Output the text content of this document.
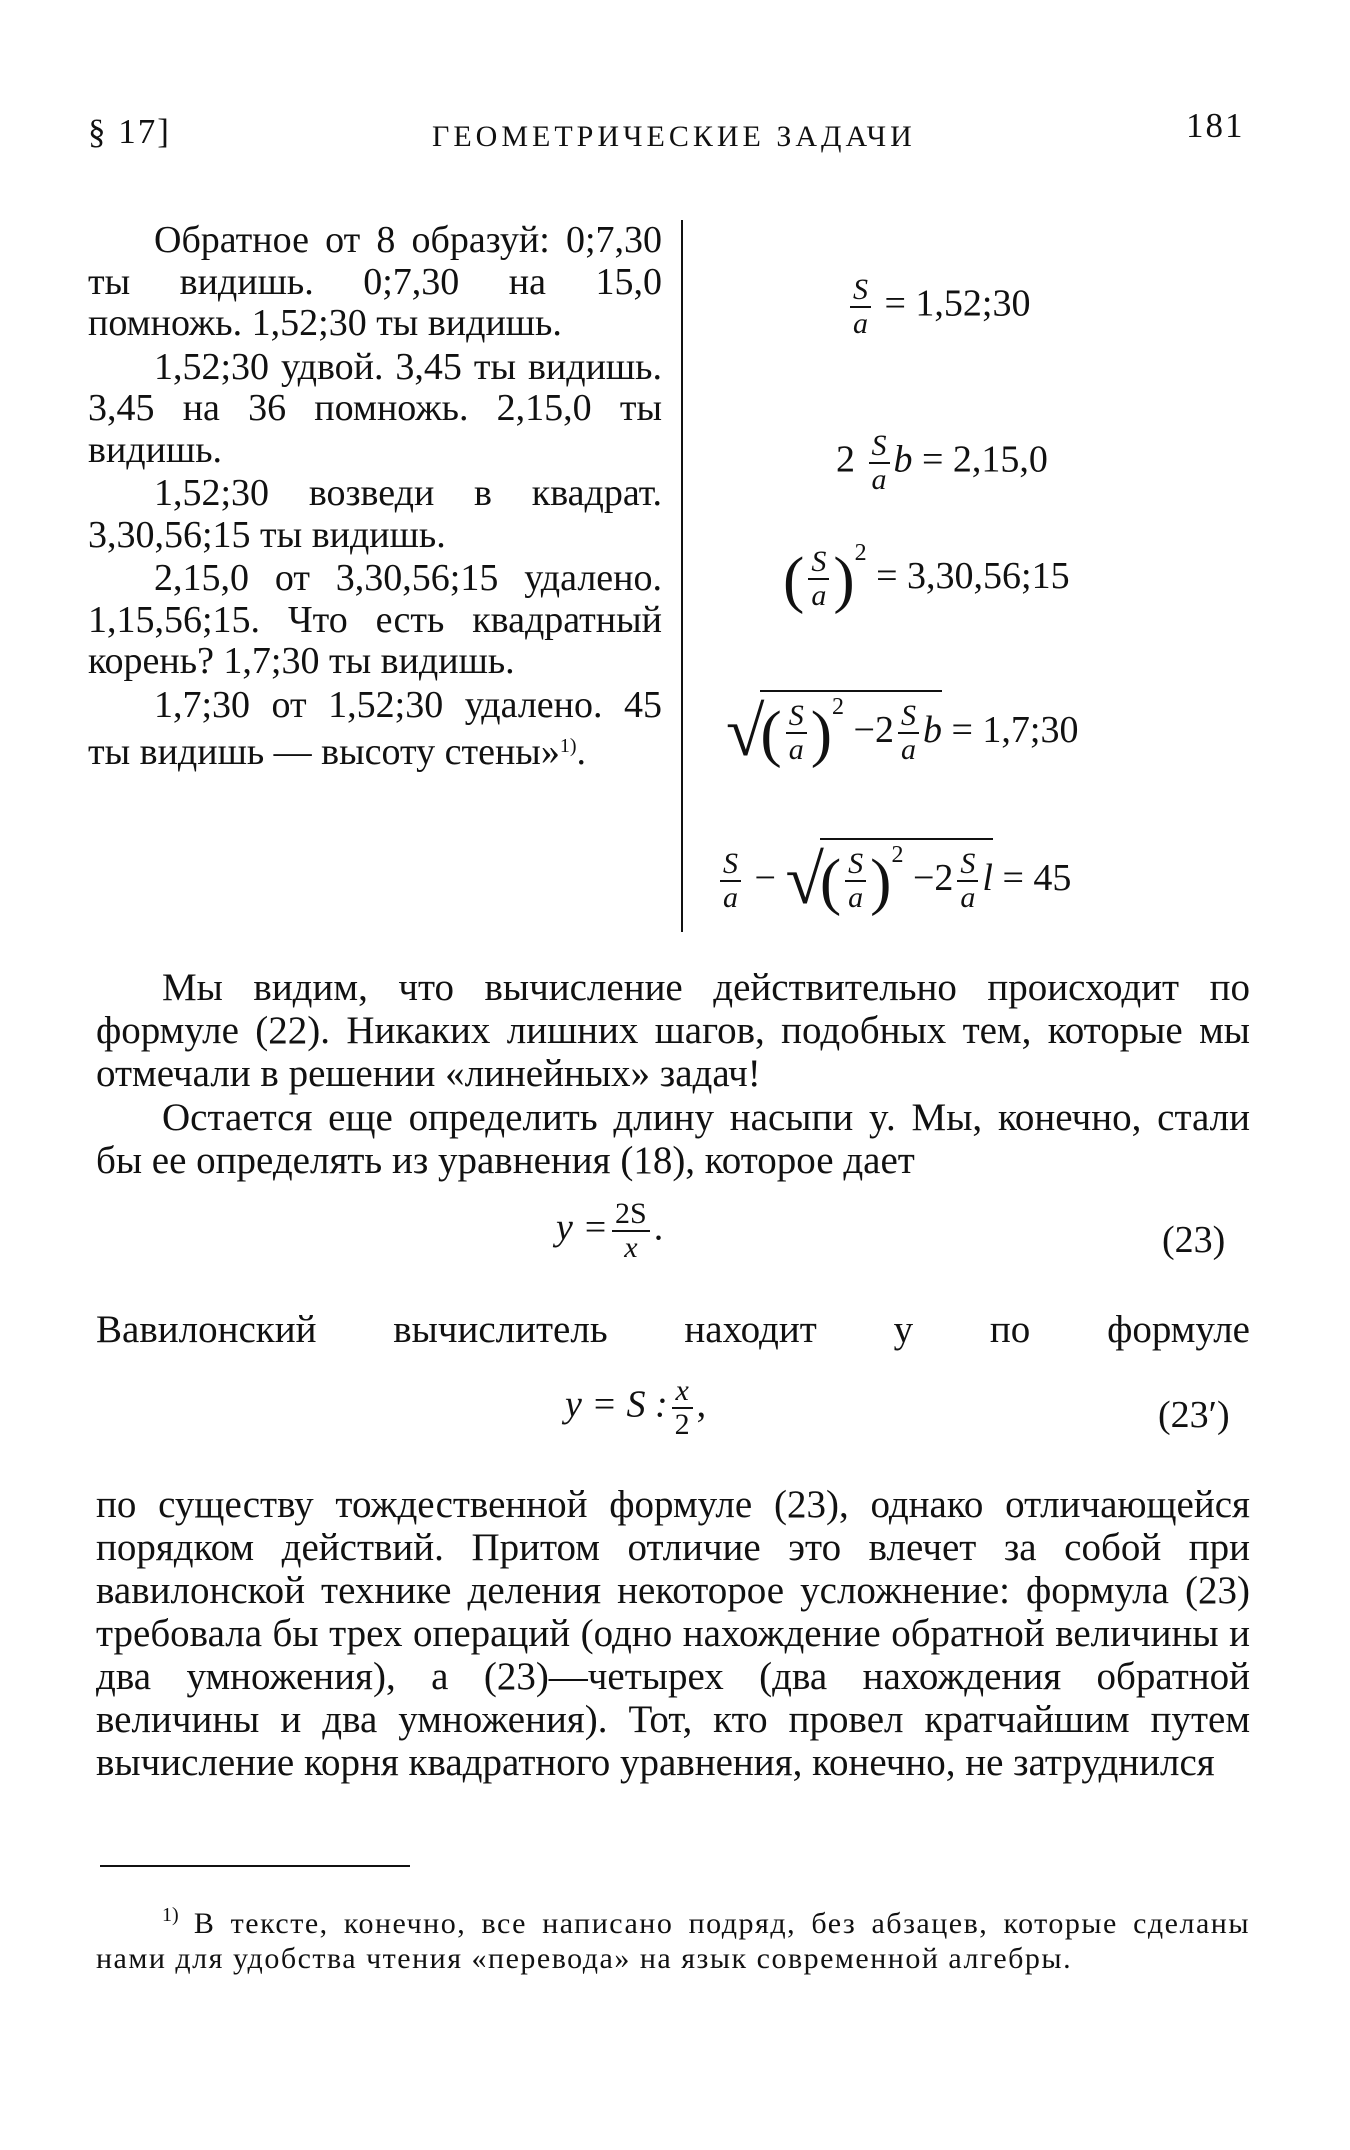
§ 17]	ГЕОМЕТРИЧЕСКИЕ ЗАДАЧИ	181

Обратное от 8 образуй: 0;7,30 ты видишь. 0;7,30 на 15,0 помножь. 1,52;30 ты видишь.

1,52;30 удвой. 3,45 ты видишь. 3,45 на 36 помножь. 2,15,0 ты видишь.

1,52;30 возведи в квадрат. 3,30,56;15 ты видишь.

2,15,0 от 3,30,56;15 удалено. 1,15,56;15. Что есть квадратный корень? 1,7;30 ты видишь.

1,7;30 от 1,52;30 удалено. 45 ты видишь — высоту стены»$^{1)}$.

$\frac{S}{a}$ = 1,52;30
$2 \frac{S}{a}$ b = 2,15,0
( $\frac{S}{a} )^2$ = 3,30,56;15
√( $\frac{S}{a} )^2 -2 \frac{S}{a}$ b = 1,7;30
$\frac{S}{a}$ − √( $\frac{S}{a} )^2 -2 \frac{S}{a}$ l = 45
Мы видим, что вычисление действительно происходит по формуле (22). Никаких лишних шагов, подобных тем, которые мы отмечали в решении «линейных» задач!
Остается еще определить длину насыпи y. Мы, конечно, стали бы ее определять из уравнения (18), которое дает
$y = \frac{2S}{x}$ .	(23)
Вавилонский вычислитель находит y по формуле
y = S : $\frac{x}{2}$ ,	(23′)
по существу тождественной формуле (23), однако отличающейся порядком действий. Притом отличие это влечет за собой при вавилонской технике деления некоторое усложнение: формула (23) требовала бы трех операций (одно нахождение обратной величины и два умножения), а (23)—четырех (два нахождения обратной величины и два умножения). Тот, кто провел кратчайшим путем вычисление корня квадратного уравнения, конечно, не затруднился
$^{1)}$ В тексте, конечно, все написано подряд, без абзацев, которые сделаны нами для удобства чтения «перевода» на язык современной алгебры.
